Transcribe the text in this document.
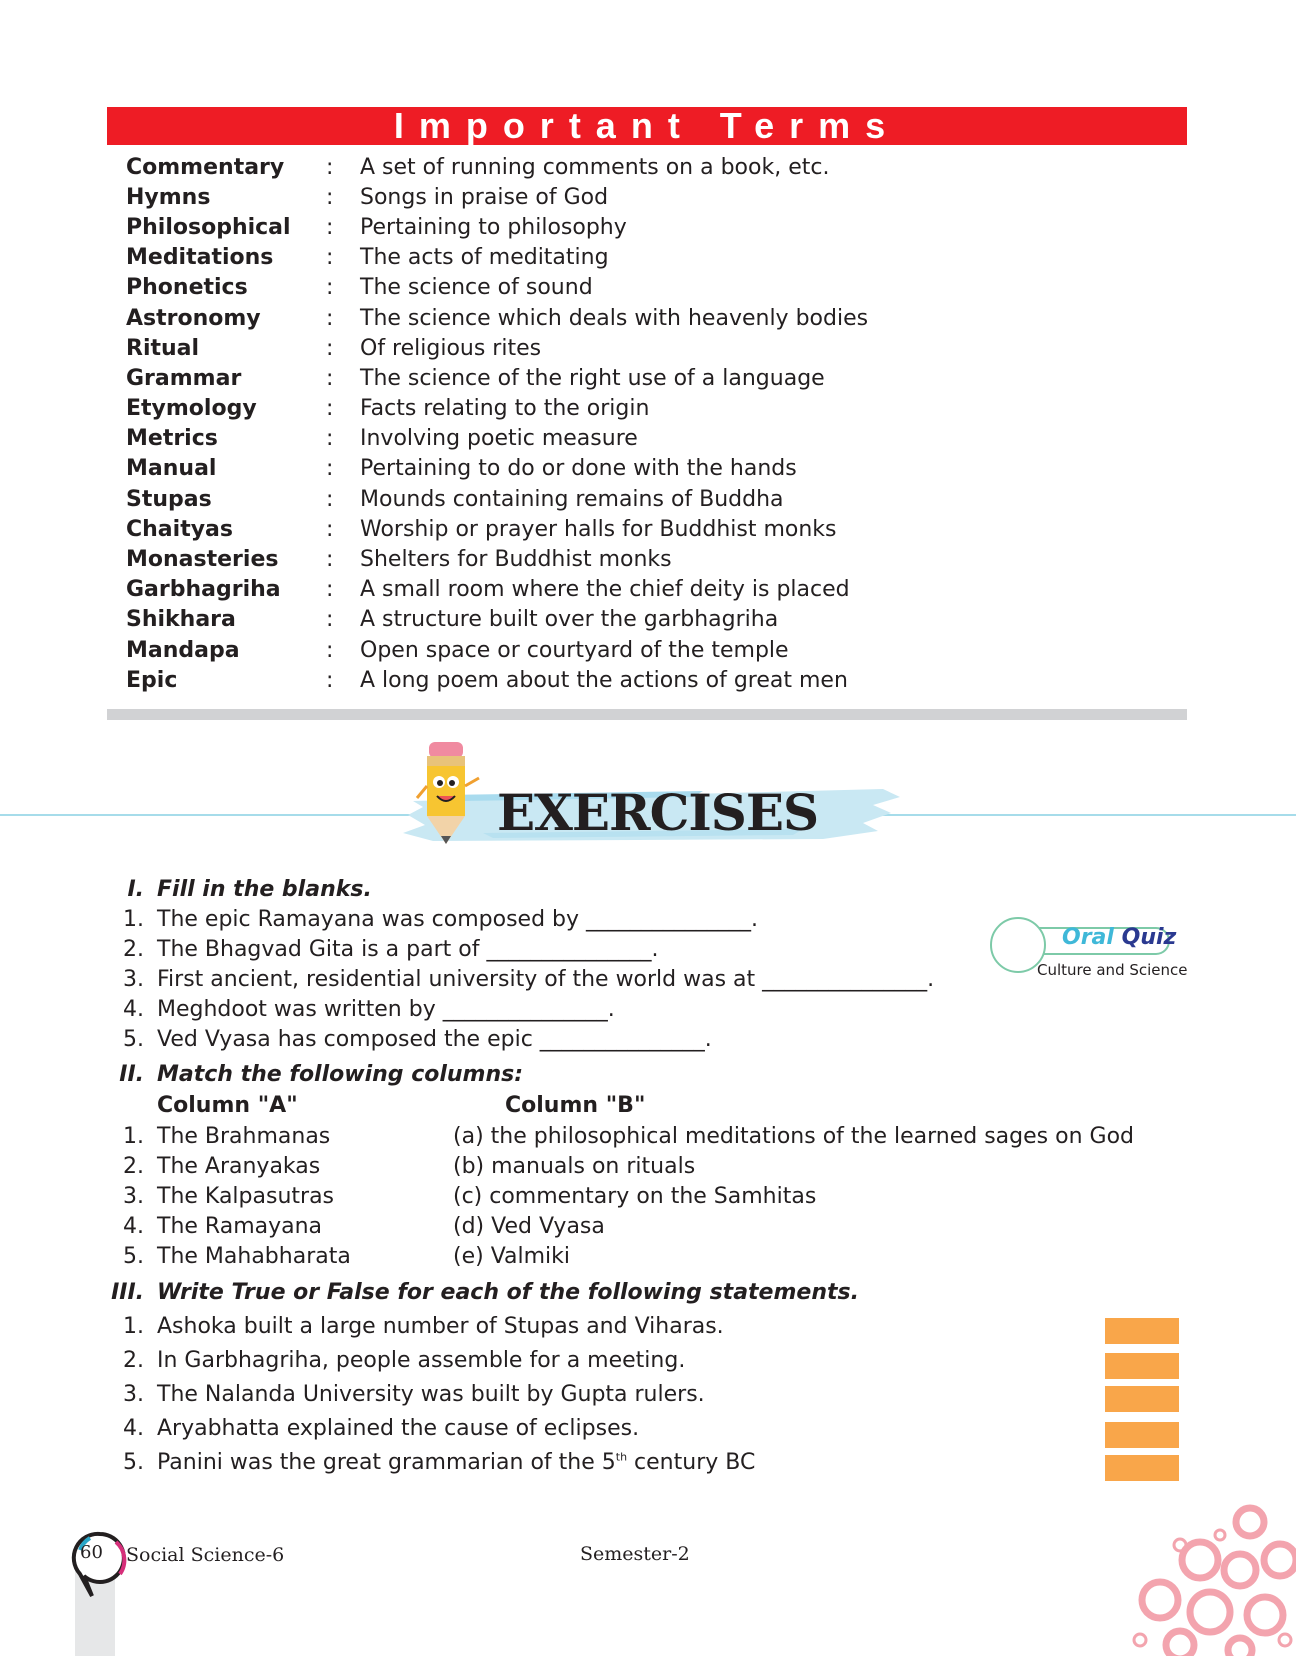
Important Terms
Commentary	:	A set of running comments on a book, etc.
Hymns	:	Songs in praise of God
Philosophical	:	Pertaining to philosophy
Meditations	:	The acts of meditating
Phonetics	:	The science of sound
Astronomy	:	The science which deals with heavenly bodies
Ritual	:	Of religious rites
Grammar	:	The science of the right use of a language
Etymology	:	Facts relating to the origin
Metrics	:	Involving poetic measure
Manual	:	Pertaining to do or done with the hands
Stupas	:	Mounds containing remains of Buddha
Chaityas	:	Worship or prayer halls for Buddhist monks
Monasteries	:	Shelters for Buddhist monks
Garbhagriha	:	A small room where the chief deity is placed
Shikhara	:	A structure built over the garbhagriha
Mandapa	:	Open space or courtyard of the temple
Epic	:	A long poem about the actions of great men
EXERCISES
I. Fill in the blanks.
1. The epic Ramayana was composed by _______________.
2. The Bhagvad Gita is a part of _______________.
3. First ancient, residential university of the world was at _______________.
4. Meghdoot was written by _______________.
5. Ved Vyasa has composed the epic _______________.
Oral Quiz
Culture and Science
II. Match the following columns:
Column "A"	Column "B"
1. The Brahmanas	(a) the philosophical meditations of the learned sages on God
2. The Aranyakas	(b) manuals on rituals
3. The Kalpasutras	(c) commentary on the Samhitas
4. The Ramayana	(d) Ved Vyasa
5. The Mahabharata	(e) Valmiki
III. Write True or False for each of the following statements.
1. Ashoka built a large number of Stupas and Viharas.
2. In Garbhagriha, people assemble for a meeting.
3. The Nalanda University was built by Gupta rulers.
4. Aryabhatta explained the cause of eclipses.
5. Panini was the great grammarian of the 5th century BC
60 Social Science-6	Semester-2
